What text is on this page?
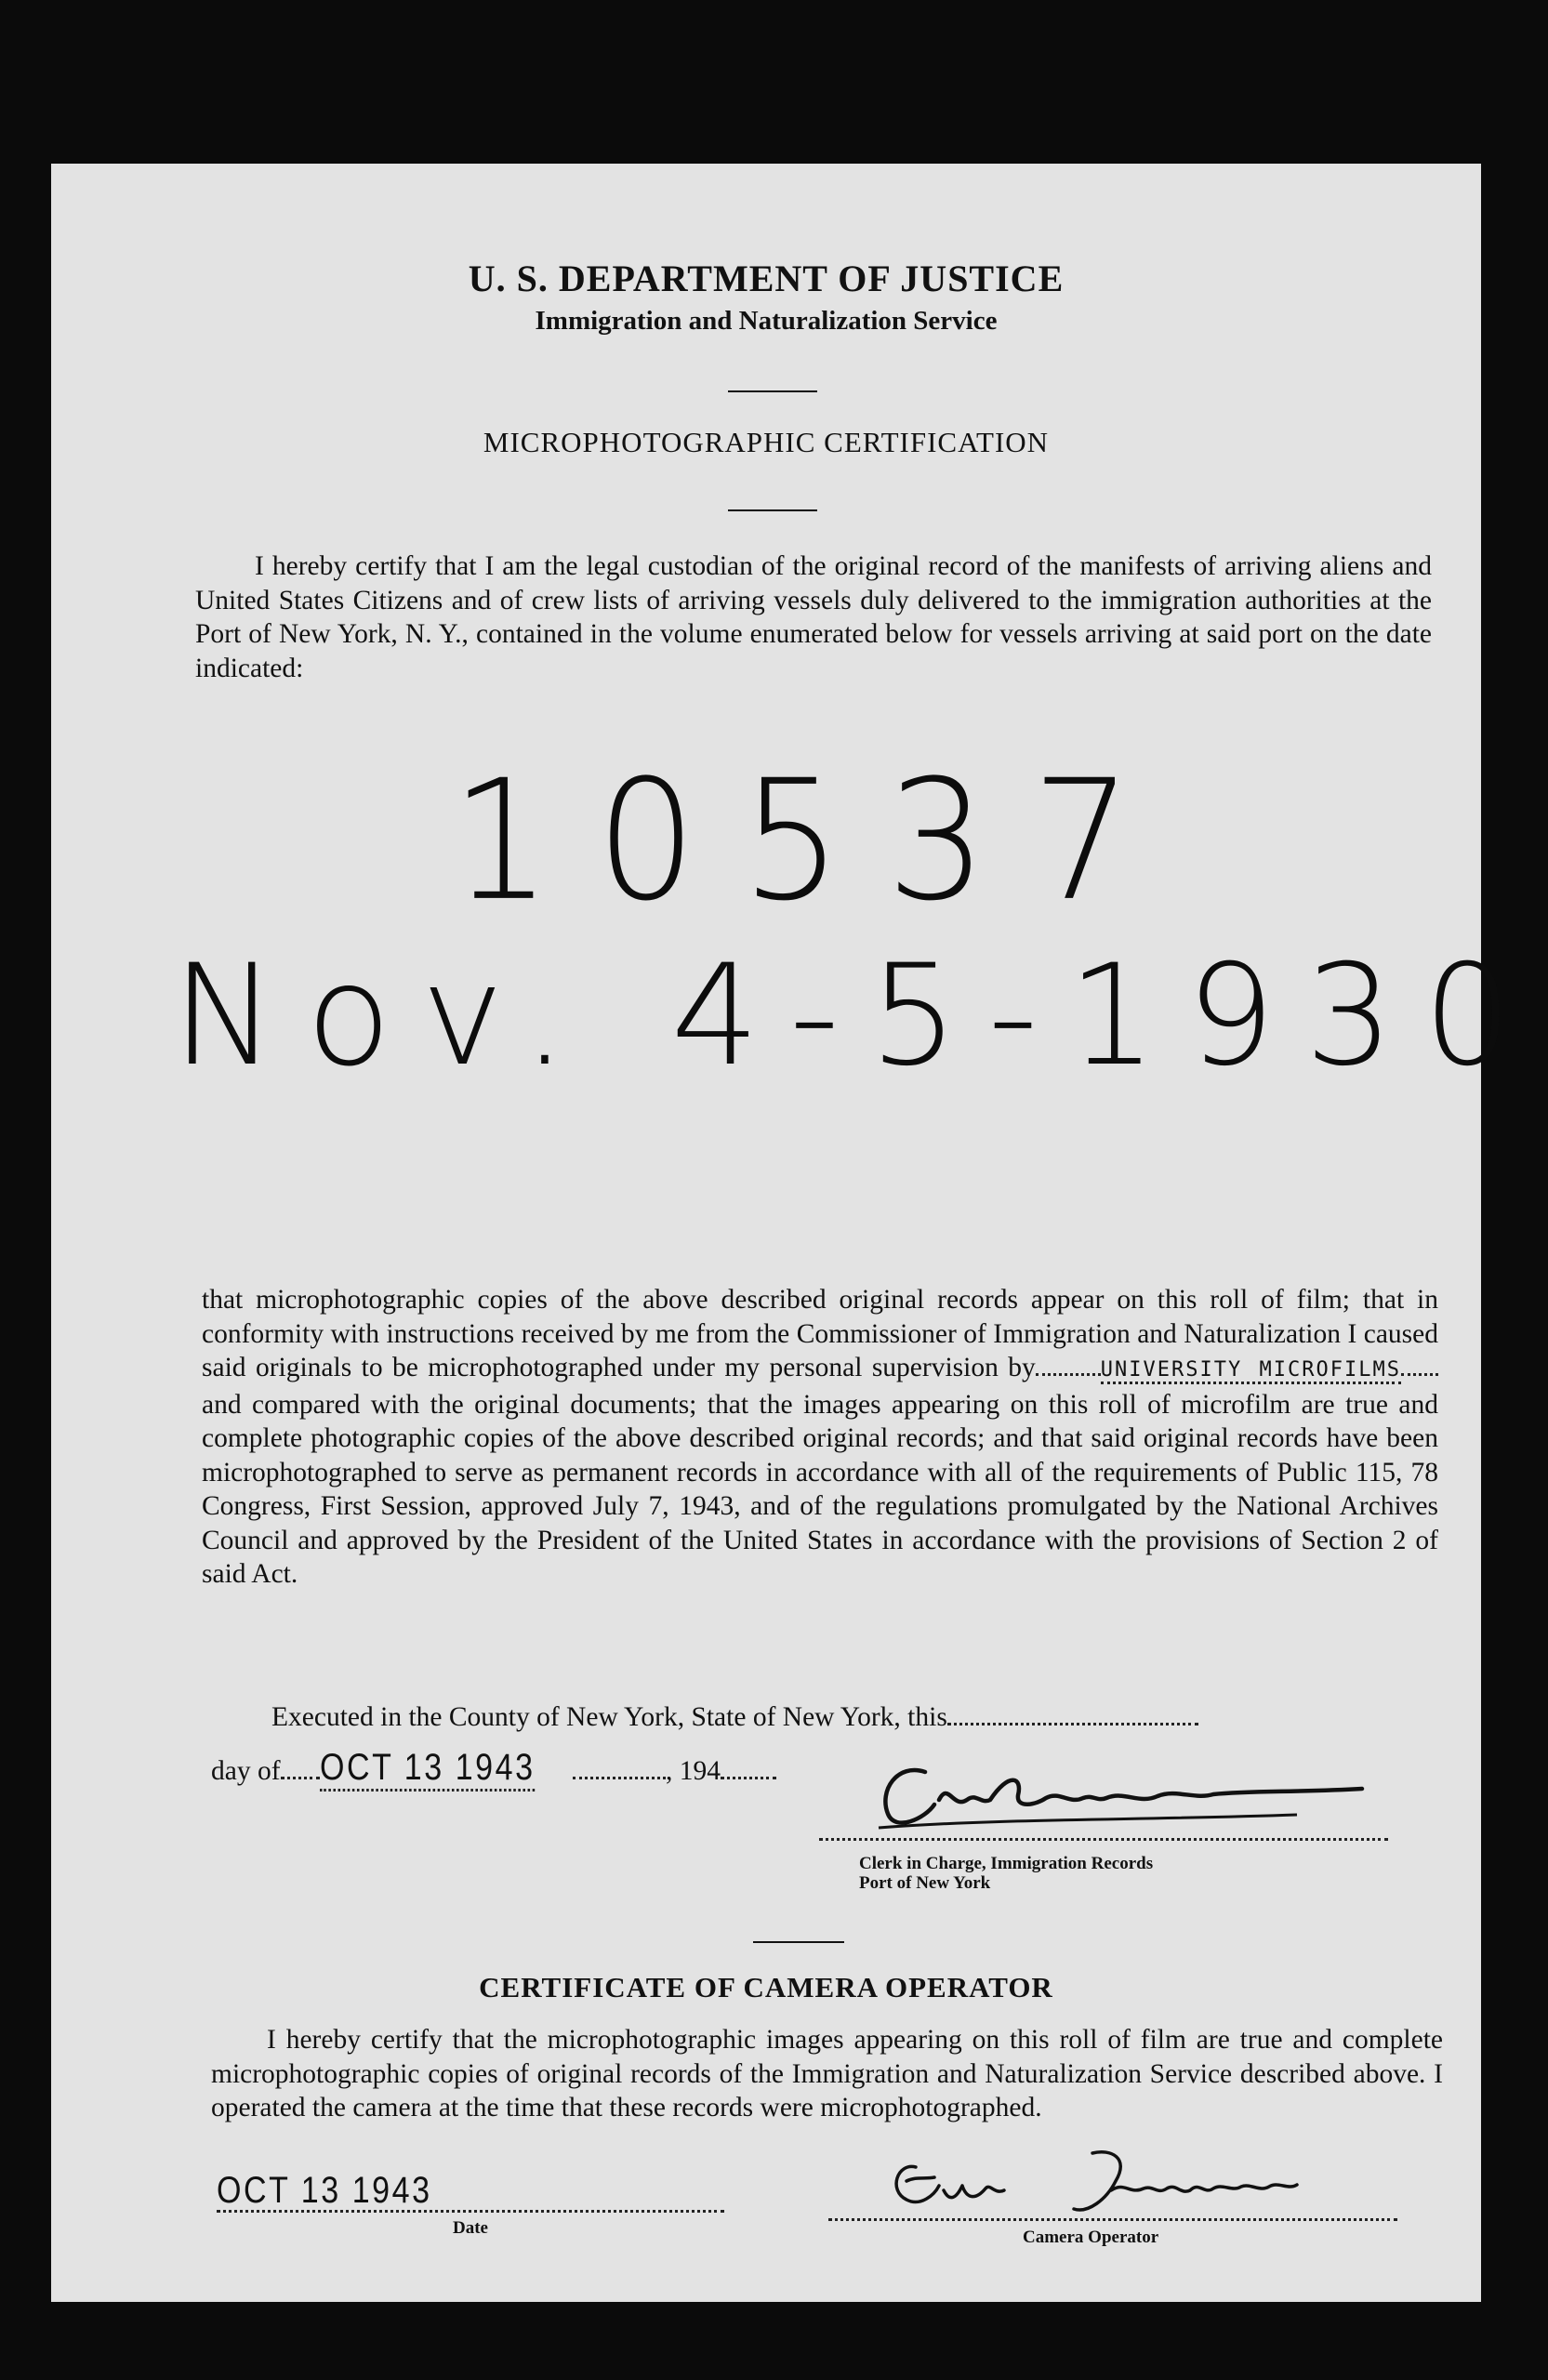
U. S. DEPARTMENT OF JUSTICE
Immigration and Naturalization Service
MICROPHOTOGRAPHIC CERTIFICATION
I hereby certify that I am the legal custodian of the original record of the manifests of arriving aliens and United States Citizens and of crew lists of arriving vessels duly delivered to the immigration authorities at the Port of New York, N. Y., contained in the volume enumerated below for vessels arriving at said port on the date indicated:
10537
Nov. 4-5-1930
that microphotographic copies of the above described original records appear on this roll of film; that in conformity with instructions received by me from the Commissioner of Immigration and Naturalization I caused said originals to be microphotographed under my personal supervision by	UNIVERSITY MICROFILMS and compared with the original documents; that the images appearing on this roll of microfilm are true and complete photographic copies of the above described original records; and that said original records have been microphotographed to serve as permanent records in accordance with all of the requirements of Public 115, 78 Congress, First Session, approved July 7, 1943, and of the regulations promulgated by the National Archives Council and approved by the President of the United States in accordance with the provisions of Section 2 of said Act.
Executed in the County of New York, State of New York, this
day of OCT 13 1943	, 194
Clerk in Charge, Immigration Records
Port of New York
CERTIFICATE OF CAMERA OPERATOR
I hereby certify that the microphotographic images appearing on this roll of film are true and complete microphotographic copies of original records of the Immigration and Naturalization Service described above. I operated the camera at the time that these records were microphotographed.
OCT 13 1943
Date	Camera Operator
